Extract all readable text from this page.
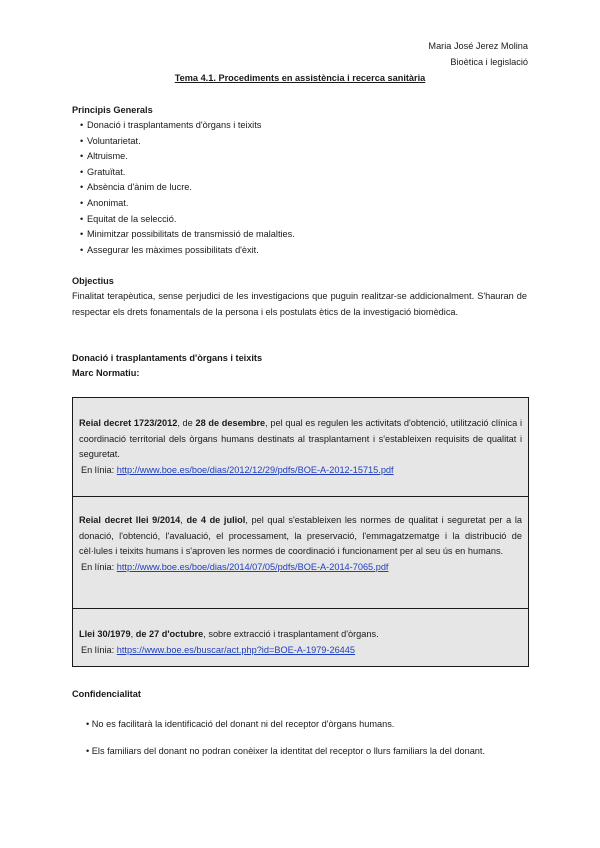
Maria José Jerez Molina
Bioètica i legislació
Tema 4.1. Procediments en assistència i recerca sanitària
Principis Generals
• Donació i trasplantaments d'òrgans i teixits
• Voluntarietat.
• Altruisme.
• Gratuïtat.
• Absència d'ànim de lucre.
• Anonimat.
• Equitat de la selecció.
• Minimitzar possibilitats de transmissió de malalties.
• Assegurar les màximes possibilitats d'èxit.
Objectius
Finalitat terapèutica, sense perjudici de les investigacions que puguin realitzar-se addicionalment. S'hauran de respectar els drets fonamentals de la persona i els postulats ètics de la investigació biomèdica.
Donació i trasplantaments d'òrgans i teixits
Marc Normatiu:
Reial decret 1723/2012, de 28 de desembre, pel qual es regulen les activitats d'obtenció, utilització clínica i coordinació territorial dels òrgans humans destinats al trasplantament i s'estableixen requisits de qualitat i seguretat.
En línia: http://www.boe.es/boe/dias/2012/12/29/pdfs/BOE-A-2012-15715.pdf
Reial decret llei 9/2014, de 4 de juliol, pel qual s'estableixen les normes de qualitat i seguretat per a la donació, l'obtenció, l'avaluació, el processament, la preservació, l'emmagatzematge i la distribució de cèl·lules i teixits humans i s'aproven les normes de coordinació i funcionament per al seu ús en humans.
En línia: http://www.boe.es/boe/dias/2014/07/05/pdfs/BOE-A-2014-7065.pdf
Llei 30/1979, de 27 d'octubre, sobre extracció i trasplantament d'òrgans.
En línia: https://www.boe.es/buscar/act.php?id=BOE-A-1979-26445
Confidencialitat
• No es facilitarà la identificació del donant ni del receptor d'òrgans humans.
• Els familiars del donant no podran conèixer la identitat del receptor o llurs familiars la del donant.
